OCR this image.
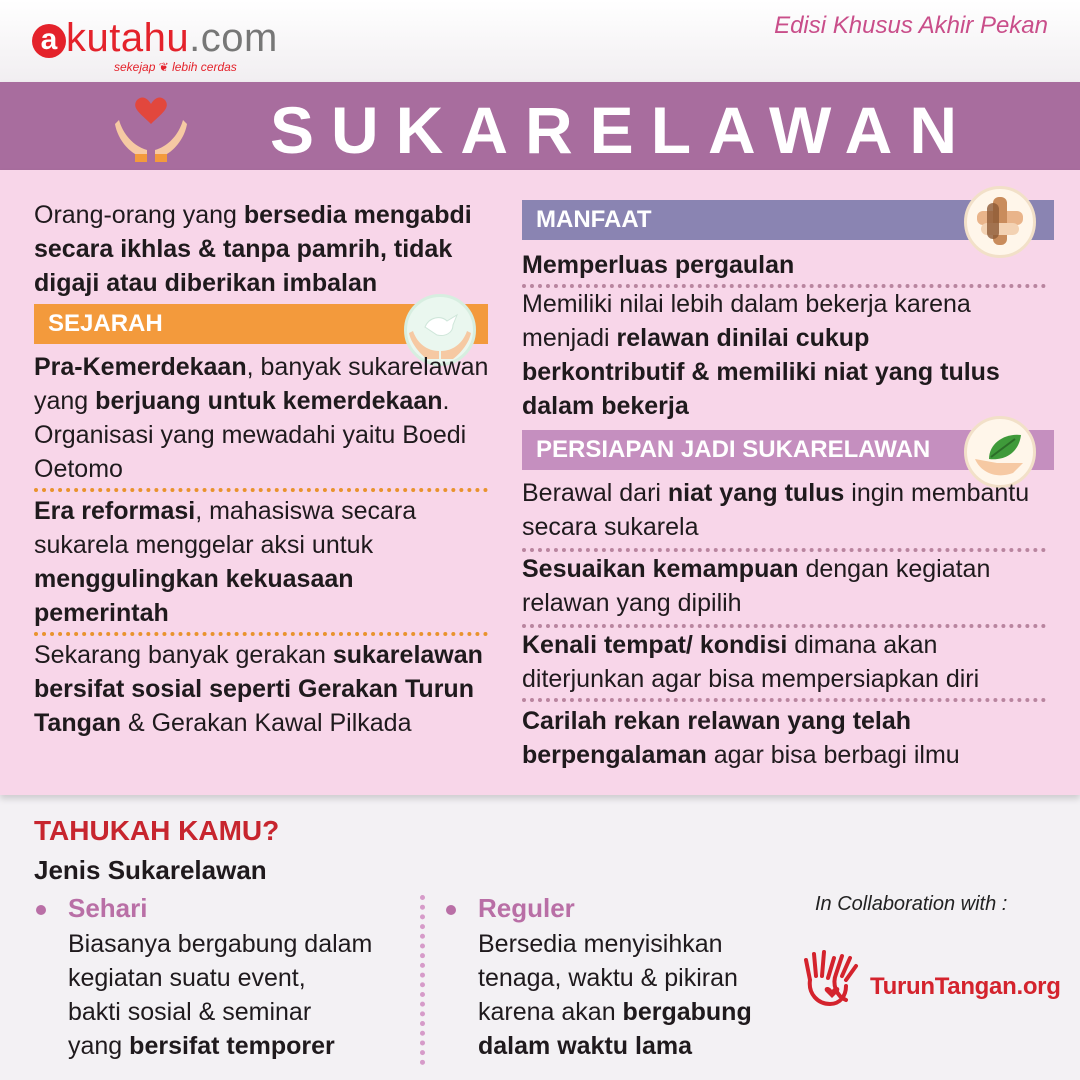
a kutahu.com
sekejap ❦ lebih cerdas
Edisi Khusus Akhir Pekan
SUKARELAWAN
Orang-orang yang bersedia mengabdi secara ikhlas & tanpa pamrih, tidak digaji atau diberikan imbalan
SEJARAH
Pra-Kemerdekaan, banyak sukarelawan yang berjuang untuk kemerdekaan. Organisasi yang mewadahi yaitu Boedi Oetomo
Era reformasi, mahasiswa secara sukarela menggelar aksi untuk menggulingkan kekuasaan pemerintah
Sekarang banyak gerakan sukarelawan bersifat sosial seperti Gerakan Turun Tangan & Gerakan Kawal Pilkada
MANFAAT
Memperluas pergaulan
Memiliki nilai lebih dalam bekerja karena menjadi relawan dinilai cukup berkontributif & memiliki niat yang tulus dalam bekerja
PERSIAPAN JADI SUKARELAWAN
Berawal dari niat yang tulus ingin membantu secara sukarela
Sesuaikan kemampuan dengan kegiatan relawan yang dipilih
Kenali tempat/ kondisi dimana akan diterjunkan agar bisa mempersiapkan diri
Carilah rekan relawan yang telah berpengalaman agar bisa berbagi ilmu
TAHUKAH KAMU?
Jenis Sukarelawan
Sehari
Biasanya bergabung dalam
kegiatan suatu event,
bakti sosial & seminar
yang bersifat temporer
Reguler
Bersedia menyisihkan
tenaga, waktu & pikiran
karena akan bergabung
dalam waktu lama
In Collaboration with :
TurunTangan.org
